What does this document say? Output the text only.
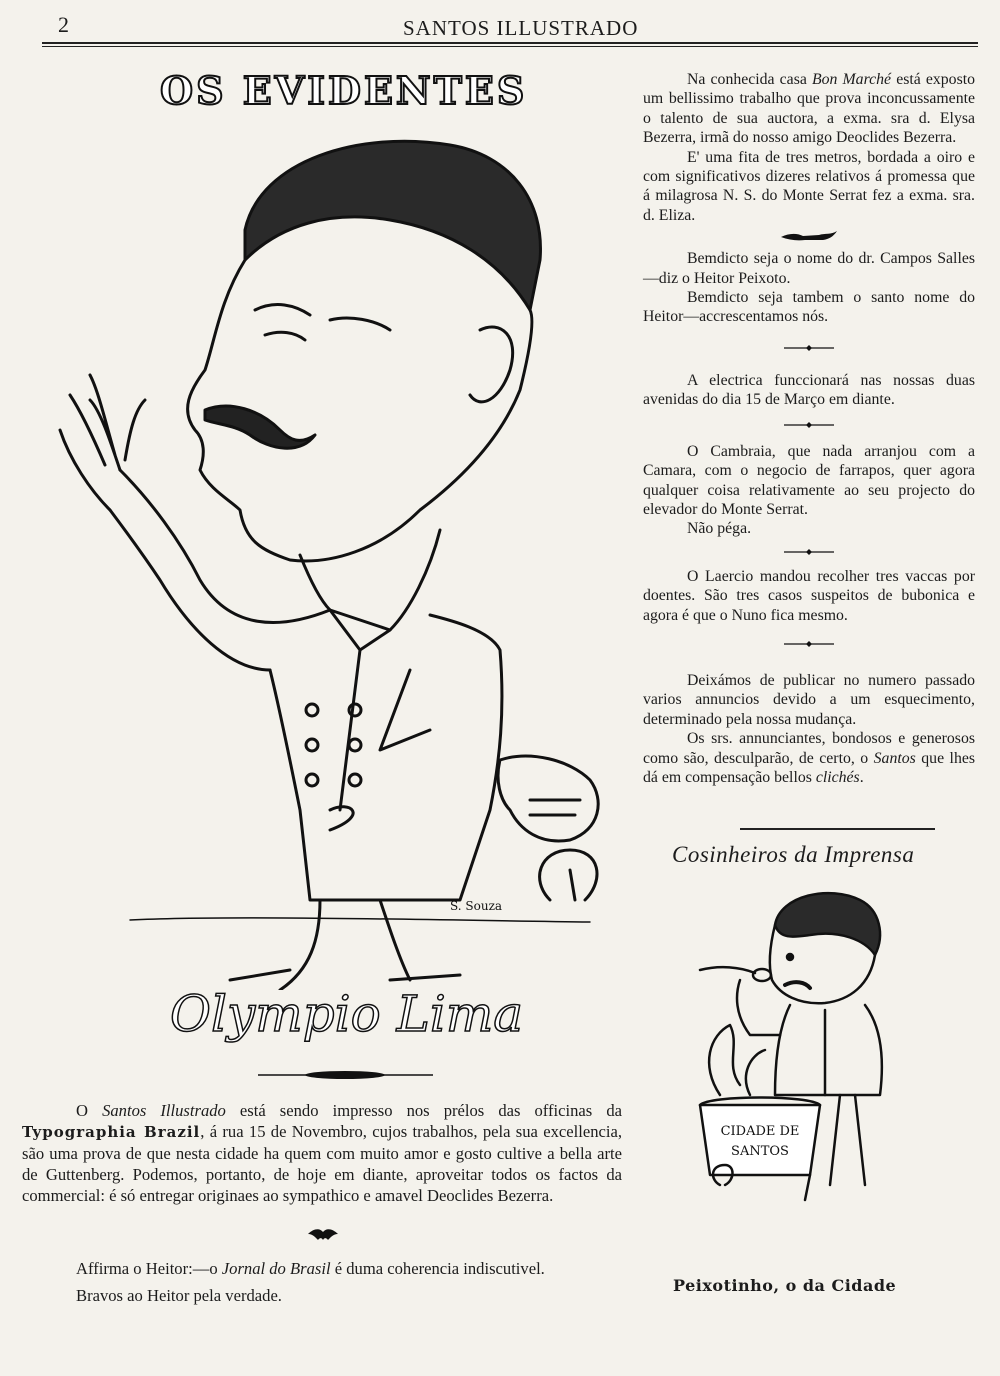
2	SANTOS ILLUSTRADO
OS EVIDENTES
S. Souza
Olympio Lima

O Santos Illustrado está sendo impresso nos prélos das officinas da Typographia Brazil, á rua 15 de Novembro, cujos trabalhos, pela sua excellencia, são uma prova de que nesta cidade ha quem com muito amor e gosto cultive a bella arte de Guttenberg. Podemos, portanto, de hoje em diante, aproveitar todos os factos da commercial: é só entregar originaes ao sympathico e amavel Deoclides Bezerra.

Affirma o Heitor:—o Jornal do Brasil é duma coherencia indiscutivel.

Bravos ao Heitor pela verdade.

Na conhecida casa Bon Marché está exposto um bellissimo trabalho que prova inconcussamente o talento de sua auctora, a exma. sra d. Elysa Bezerra, irmã do nosso amigo Deoclides Bezerra.

E' uma fita de tres metros, bordada a oiro e com significativos dizeres relativos á promessa que á milagrosa N. S. do Monte Serrat fez a exma. sra. d. Eliza.

Bemdicto seja o nome do dr. Campos Salles—diz o Heitor Peixoto.

Bemdicto seja tambem o santo nome do Heitor—accrescentamos nós.

A electrica funccionará nas nossas duas avenidas do dia 15 de Março em diante.

O Cambraia, que nada arranjou com a Camara, com o negocio de farrapos, quer agora qualquer coisa relativamente ao seu projecto do elevador do Monte Serrat.

Não péga.

O Laercio mandou recolher tres vaccas por doentes. São tres casos suspeitos de bubonica e agora é que o Nuno fica mesmo.

Deixámos de publicar no numero passado varios annuncios devido a um esquecimento, determinado pela nossa mudança.

Os srs. annunciantes, bondosos e generosos como são, desculparão, de certo, o Santos que lhes dá em compensação bellos clichés.

Cosinheiros da Imprensa
CIDADE DE
SANTOS
Peixotinho, o da Cidade
